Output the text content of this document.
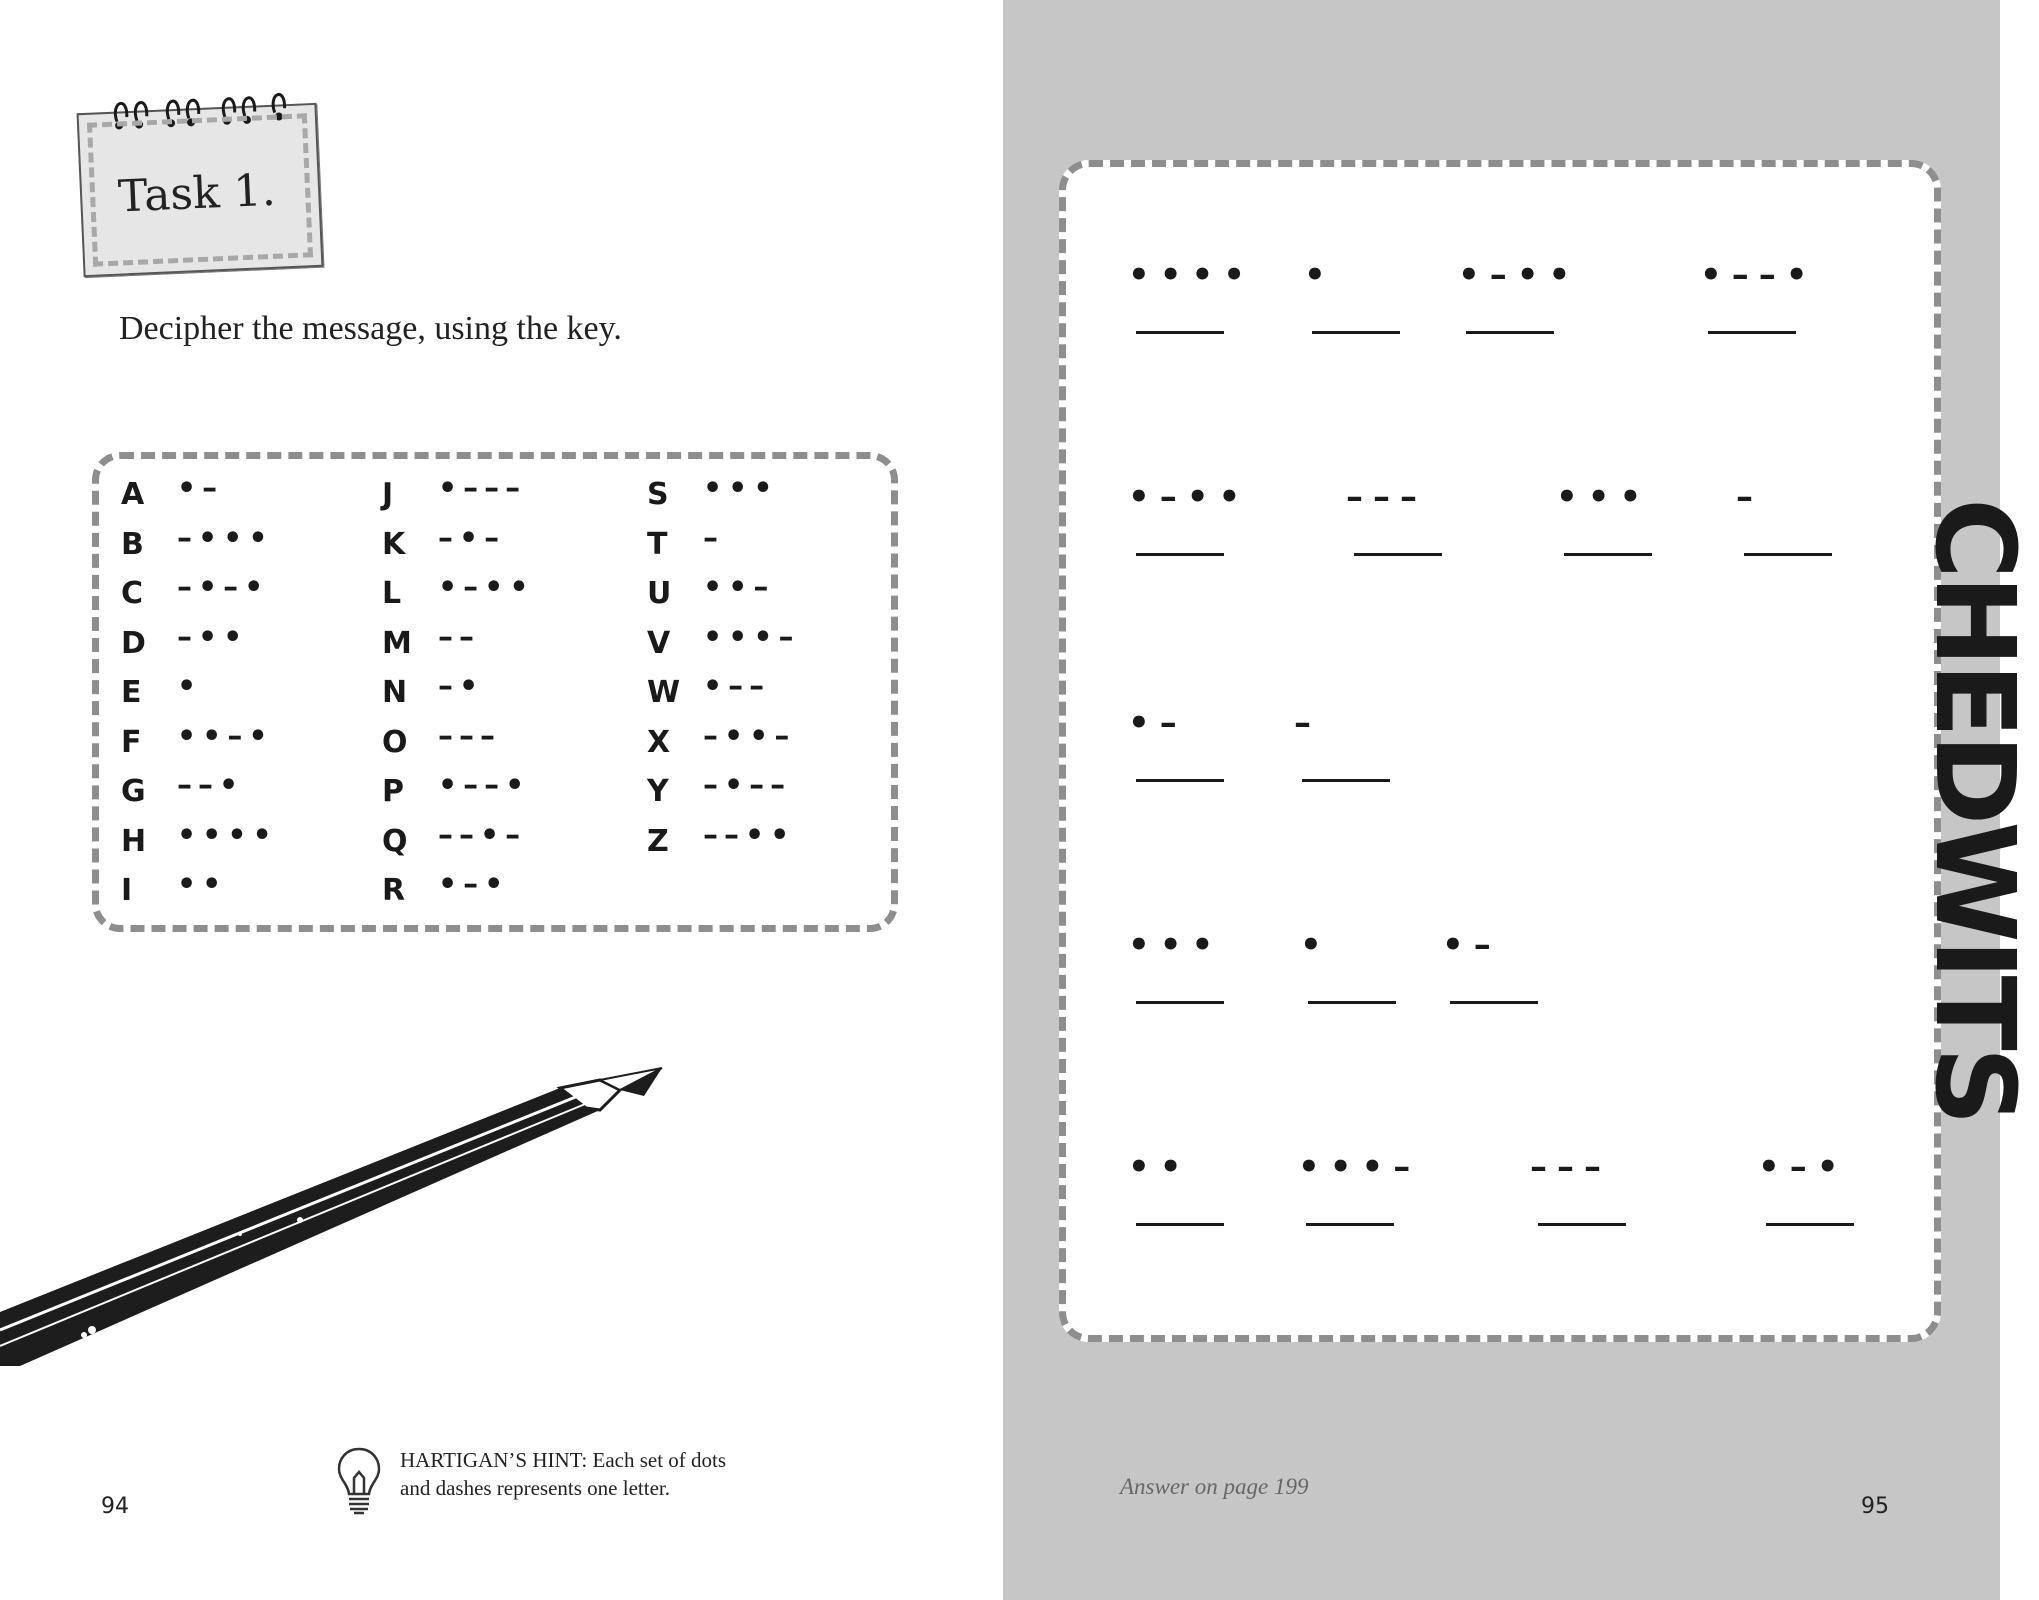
Task 1.
Decipher the message, using the key.
A •–
B –•••
C –•–•
D –••
E •
F ••–•
G ––•
H ••••
I ••
J •–––
K –•–
L •–••
M ––
N –•
O –––
P •––•
Q ––•–
R •–•
S •••
T –
U ••–
V •••–
W •––
X –••–
Y –•––
Z ––••
HARTIGAN’S HINT: Each set of dots and dashes represents one letter.
94
•••• •	•–••	•––•
•–••	–––	••• –
•–	–
••• •	•–
••	•••–	–––	•–•
Answer on page 199
95
CHEDWITS
